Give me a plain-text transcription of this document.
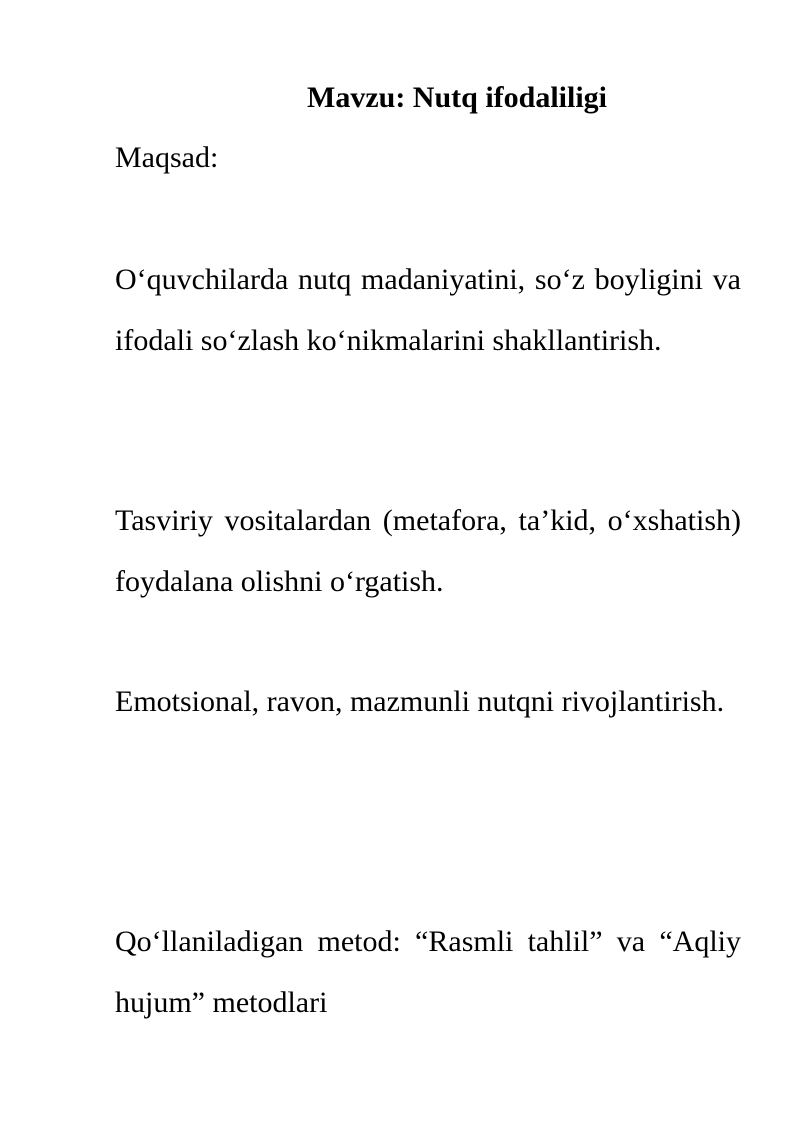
Mavzu: Nutq ifodaliligi
Maqsad:

O‘quvchilarda nutq madaniyatini, so‘z boyligini va ifodali so‘zlash ko‘nikmalarini shakllantirish.

Tasviriy vositalardan (metafora, ta’kid, o‘xshatish) foydalana olishni o‘rgatish.

Emotsional, ravon, mazmunli nutqni rivojlantirish.

Qo‘llaniladigan metod: “Rasmli tahlil” va “Aqliy hujum” metodlari
